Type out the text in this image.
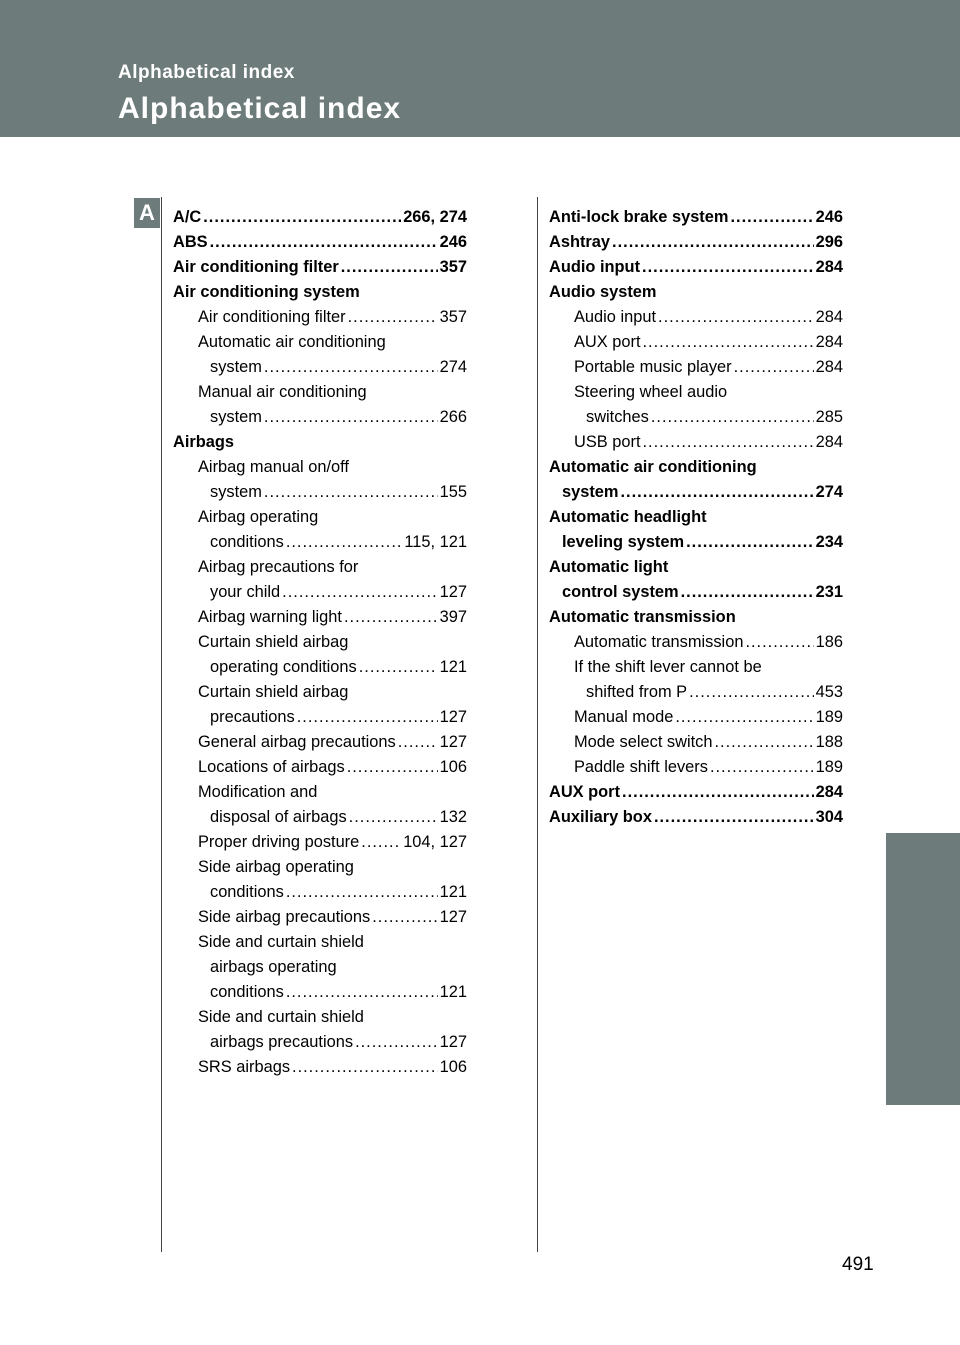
Alphabetical index
Alphabetical index
A	A/C .....	266, 274
ABS .....	246
Air conditioning filter .....	357
Air conditioning system
Air conditioning filter .....	357
Automatic air conditioning
system .....	274
Manual air conditioning
system .....	266
Airbags
Airbag manual on/off
system .....	155
Airbag operating
conditions .....	115, 121
Airbag precautions for
your child .....	127
Airbag warning light .....	397
Curtain shield airbag
operating conditions .....	121
Curtain shield airbag
precautions .....	127
General airbag precautions .....	127
Locations of airbags .....	106
Modification and
disposal of airbags .....	132
Proper driving posture .....	104, 127
Side airbag operating
conditions .....	121
Side airbag precautions .....	127
Side and curtain shield
airbags operating
conditions .....	121
Side and curtain shield
airbags precautions .....	127
SRS airbags .....	106
Anti-lock brake system .....	246
Ashtray .....	296
Audio input .....	284
Audio system
Audio input .....	284
AUX port .....	284
Portable music player .....	284
Steering wheel audio
switches .....	285
USB port .....	284
Automatic air conditioning
system .....	274
Automatic headlight
leveling system .....	234
Automatic light
control system .....	231
Automatic transmission
Automatic transmission .....	186
If the shift lever cannot be
shifted from P .....	453
Manual mode .....	189
Mode select switch .....	188
Paddle shift levers .....	189
AUX port .....	284
Auxiliary box .....	304
491
